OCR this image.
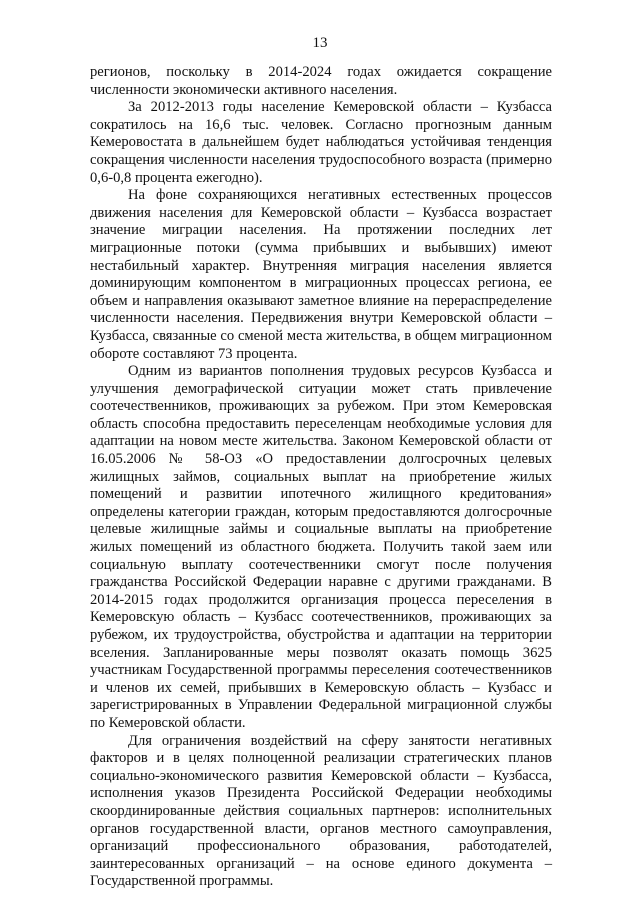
13

регионов, поскольку в 2014-2024 годах ожидается сокращение численности экономически активного населения.

За 2012-2013 годы население Кемеровской области – Кузбасса сократилось на 16,6 тыс. человек. Согласно прогнозным данным Кемеровостата в дальнейшем будет наблюдаться устойчивая тенденция сокращения численности населения трудоспособного возраста (примерно 0,6-0,8 процента ежегодно).

На фоне сохраняющихся негативных естественных процессов движения населения для Кемеровской области – Кузбасса возрастает значение миграции населения. На протяжении последних лет миграционные потоки (сумма прибывших и выбывших) имеют нестабильный характер. Внутренняя миграция населения является доминирующим компонентом в миграционных процессах региона, ее объем и направления оказывают заметное влияние на перераспределение численности населения. Передвижения внутри Кемеровской области – Кузбасса, связанные со сменой места жительства, в общем миграционном обороте составляют 73 процента.

Одним из вариантов пополнения трудовых ресурсов Кузбасса и улучшения демографической ситуации может стать привлечение соотечественников, проживающих за рубежом. При этом Кемеровская область способна предоставить переселенцам необходимые условия для адаптации на новом месте жительства. Законом Кемеровской области от 16.05.2006 № 58-ОЗ «О предоставлении долгосрочных целевых жилищных займов, социальных выплат на приобретение жилых помещений и развитии ипотечного жилищного кредитования» определены категории граждан, которым предоставляются долгосрочные целевые жилищные займы и социальные выплаты на приобретение жилых помещений из областного бюджета. Получить такой заем или социальную выплату соотечественники смогут после получения гражданства Российской Федерации наравне с другими гражданами. В 2014-2015 годах продолжится организация процесса переселения в Кемеровскую область – Кузбасс соотечественников, проживающих за рубежом, их трудоустройства, обустройства и адаптации на территории вселения. Запланированные меры позволят оказать помощь 3625 участникам Государственной программы переселения соотечественников и членов их семей, прибывших в Кемеровскую область – Кузбасс и зарегистрированных в Управлении Федеральной миграционной службы по Кемеровской области.

Для ограничения воздействий на сферу занятости негативных факторов и в целях полноценной реализации стратегических планов социально-экономического развития Кемеровской области – Кузбасса, исполнения указов Президента Российской Федерации необходимы скоординированные действия социальных партнеров: исполнительных органов государственной власти, органов местного самоуправления, организаций профессионального образования, работодателей, заинтересованных организаций – на основе единого документа – Государственной программы.
